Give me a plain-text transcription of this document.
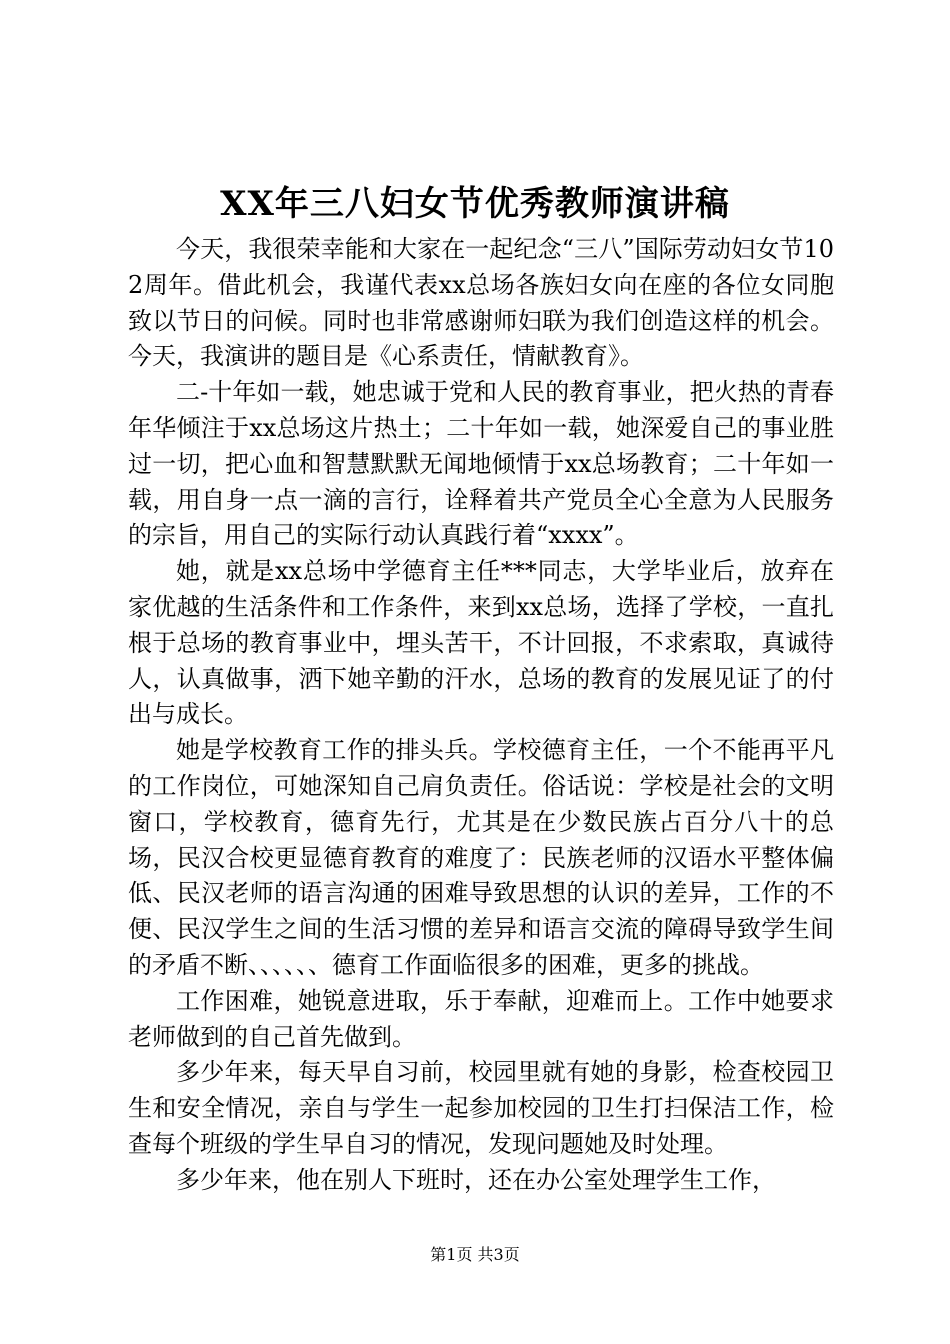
XX年三八妇女节优秀教师演讲稿

今天，我很荣幸能和大家在一起纪念“三八”国际劳动妇女节102周年。借此机会，我谨代表xx总场各族妇女向在座的各位女同胞致以节日的问候。同时也非常感谢师妇联为我们创造这样的机会。今天，我演讲的题目是《心系责任，情献教育》。

二-十年如一载，她忠诚于党和人民的教育事业，把火热的青春年华倾注于xx总场这片热土；二十年如一载，她深爱自己的事业胜过一切，把心血和智慧默默无闻地倾情于xx总场教育；二十年如一载，用自身一点一滴的言行，诠释着共产党员全心全意为人民服务的宗旨，用自己的实际行动认真践行着“xxxx”。

她，就是xx总场中学德育主任***同志，大学毕业后，放弃在家优越的生活条件和工作条件，来到xx总场，选择了学校，一直扎根于总场的教育事业中，埋头苦干，不计回报，不求索取，真诚待人，认真做事，洒下她辛勤的汗水，总场的教育的发展见证了的付出与成长。

她是学校教育工作的排头兵。学校德育主任，一个不能再平凡的工作岗位，可她深知自己肩负责任。俗话说：学校是社会的文明窗口，学校教育，德育先行，尤其是在少数民族占百分八十的总场，民汉合校更显德育教育的难度了：民族老师的汉语水平整体偏低、民汉老师的语言沟通的困难导致思想的认识的差异，工作的不便、民汉学生之间的生活习惯的差异和语言交流的障碍导致学生间的矛盾不断、、、、、、德育工作面临很多的困难，更多的挑战。

工作困难，她锐意进取，乐于奉献，迎难而上。工作中她要求老师做到的自己首先做到。

多少年来，每天早自习前，校园里就有她的身影，检查校园卫生和安全情况，亲自与学生一起参加校园的卫生打扫保洁工作，检查每个班级的学生早自习的情况，发现问题她及时处理。

多少年来，他在别人下班时，还在办公室处理学生工作，

第1页 共3页
